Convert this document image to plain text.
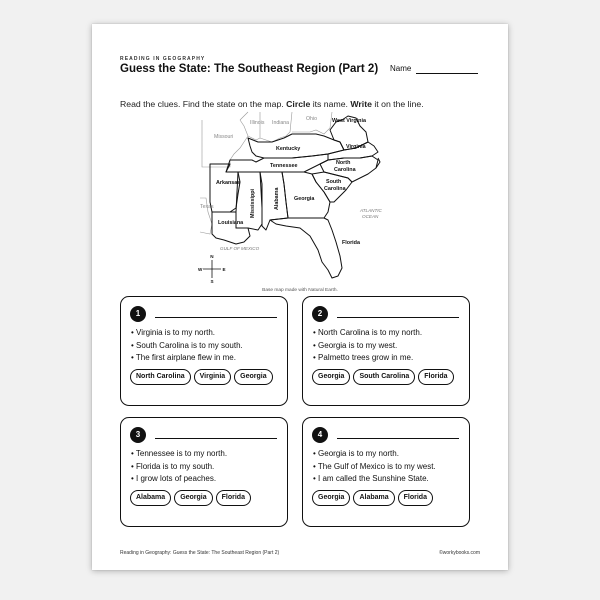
READING IN GEOGRAPHY
Guess the State: The Southeast Region (Part 2) Name
Read the clues. Find the state on the map. Circle its name. Write it on the line.
Missouri
Illinois Indiana
Ohio
Texas
West Virginia
Kentucky	Virginia
North
Carolina
Tennessee
Arkansas	South
Carolina
Georgia
Louisiana
Florida
Mississippi	Alabama
ATLANTIC
OCEAN
GULF OF MEXICO
N
S
E
W
Base map made with Natural Earth.
1
• Virginia is to my north.
• South Carolina is to my south.
• The first airplane flew in me.
North Carolina Virginia Georgia
2
• North Carolina is to my north.
• Georgia is to my west.
• Palmetto trees grow in me.
Georgia South Carolina Florida
3
• Tennessee is to my north.
• Florida is to my south.
• I grow lots of peaches.
Alabama Georgia Florida
4
• Georgia is to my north.
• The Gulf of Mexico is to my west.
• I am called the Sunshine State.
Georgia Alabama Florida
Reading in Geography: Guess the State: The Southeast Region (Part 2)	©workybooks.com
